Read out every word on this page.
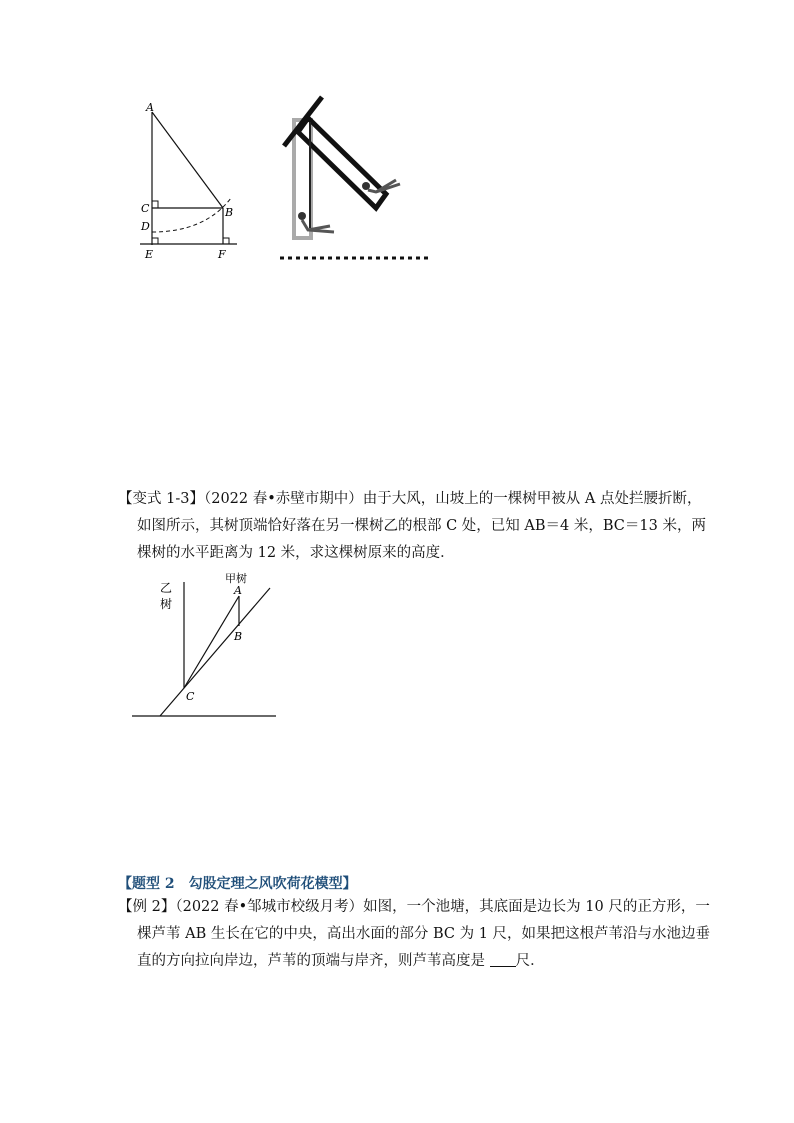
A
C	B
D
E	F
【变式 1-3】（2022 春•赤壁市期中）由于大风，山坡上的一棵树甲被从 A 点处拦腰折断，
如图所示，其树顶端恰好落在另一棵树乙的根部 C 处，已知 AB＝4 米，BC＝13 米，两
棵树的水平距离为 12 米，求这棵树原来的高度．
乙
树
甲树
A
B
C
【题型 2　勾股定理之风吹荷花模型】
【例 2】（2022 春•邹城市校级月考）如图，一个池塘，其底面是边长为 10 尺的正方形，一
棵芦苇 AB 生长在它的中央，高出水面的部分 BC 为 1 尺，如果把这根芦苇沿与水池边垂
直的方向拉向岸边，芦苇的顶端与岸齐，则芦苇高度是 尺．
